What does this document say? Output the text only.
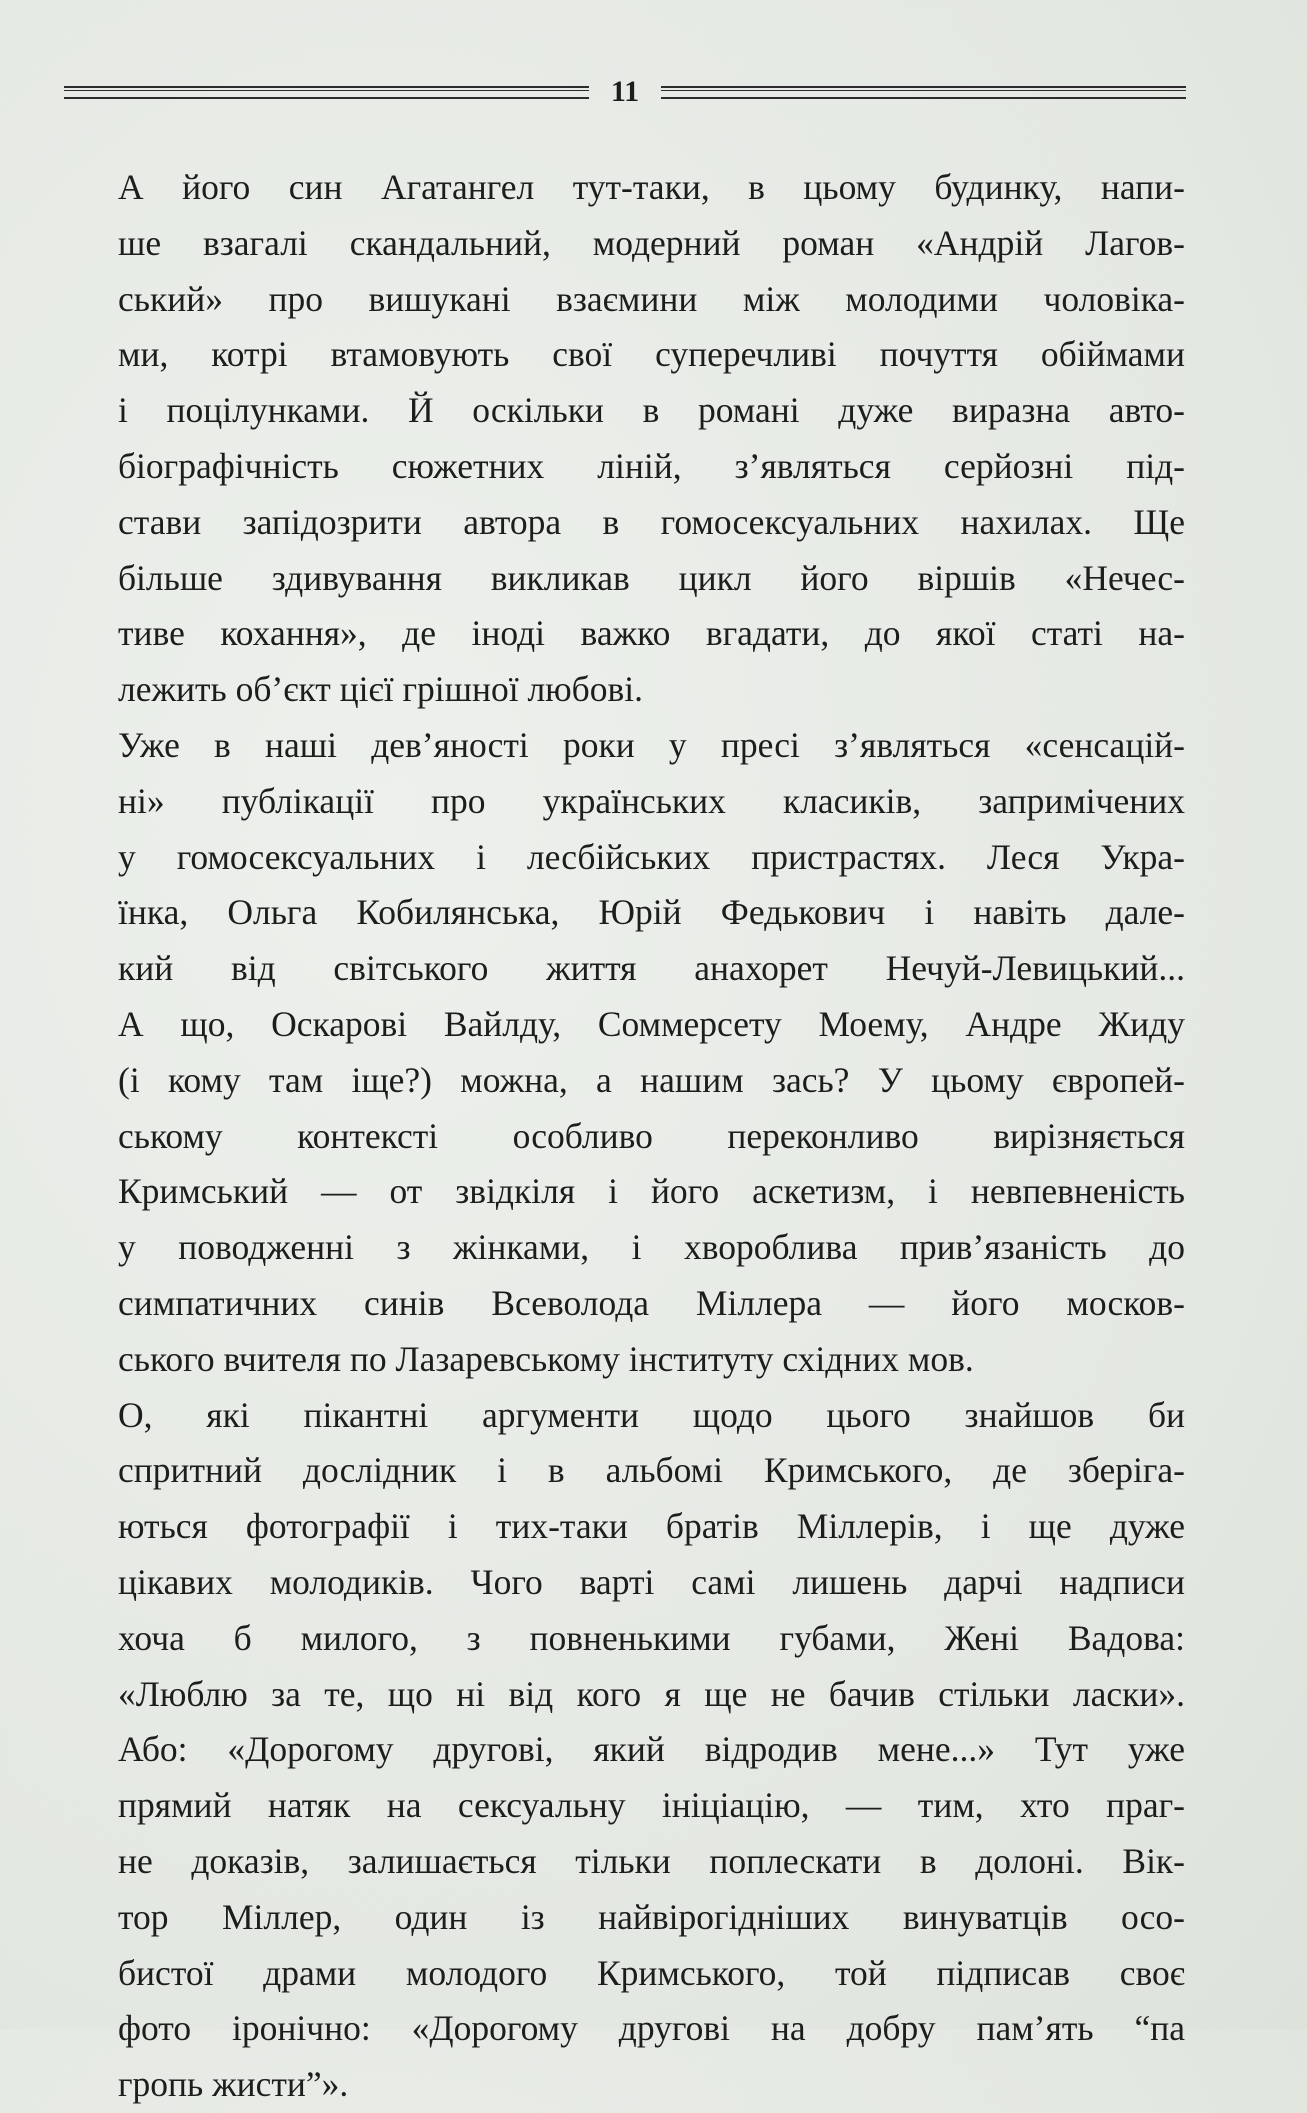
11

А його син Агатангел тут-таки, в цьому будинку, напи-
ше взагалі скандальний, модерний роман «Андрій Лагов-
ський» про вишукані взаємини між молодими чоловіка-
ми, котрі втамовують свої суперечливі почуття обіймами
і поцілунками. Й оскільки в романі дуже виразна авто-
біографічність сюжетних ліній, з’являться серйозні під-
стави запідозрити автора в гомосексуальних нахилах. Ще
більше здивування викликав цикл його віршів «Нечес-
тиве кохання», де іноді важко вгадати, до якої статі на-
лежить об’єкт цієї грішної любові.

Уже в наші дев’яності роки у пресі з’являться «сенсацій-
ні» публікації про українських класиків, запримічених
у гомосексуальних і лесбійських пристрастях. Леся Укра-
їнка, Ольга Кобилянська, Юрій Федькович і навіть дале-
кий від світського життя анахорет Нечуй-Левицький...
А що, Оскарові Вайлду, Соммерсету Моему, Андре Жиду
(і кому там іще?) можна, а нашим зась? У цьому європей-
ському контексті особливо переконливо вирізняється
Кримський — от звідкіля і його аскетизм, і невпевненість
у поводженні з жінками, і хвороблива прив’язаність до
симпатичних синів Всеволода Міллера — його москов-
ського вчителя по Лазаревському інституту східних мов.

О, які пікантні аргументи щодо цього знайшов би
спритний дослідник і в альбомі Кримського, де зберіга-
ються фотографії і тих-таки братів Міллерів, і ще дуже
цікавих молодиків. Чого варті самі лишень дарчі надписи
хоча б милого, з повненькими губами, Жені Вадова:
«Люблю за те, що ні від кого я ще не бачив стільки ласки».
Або: «Дорогому другові, який відродив мене...» Тут уже
прямий натяк на сексуальну ініціацію, — тим, хто праг-
не доказів, залишається тільки поплескати в долоні. Вік-
тор Міллер, один із найвірогідніших винуватців осо-
бистої драми молодого Кримського, той підписав своє
фото іронічно: «Дорогому другові на добру пам’ять “па
гропь жисти”».
